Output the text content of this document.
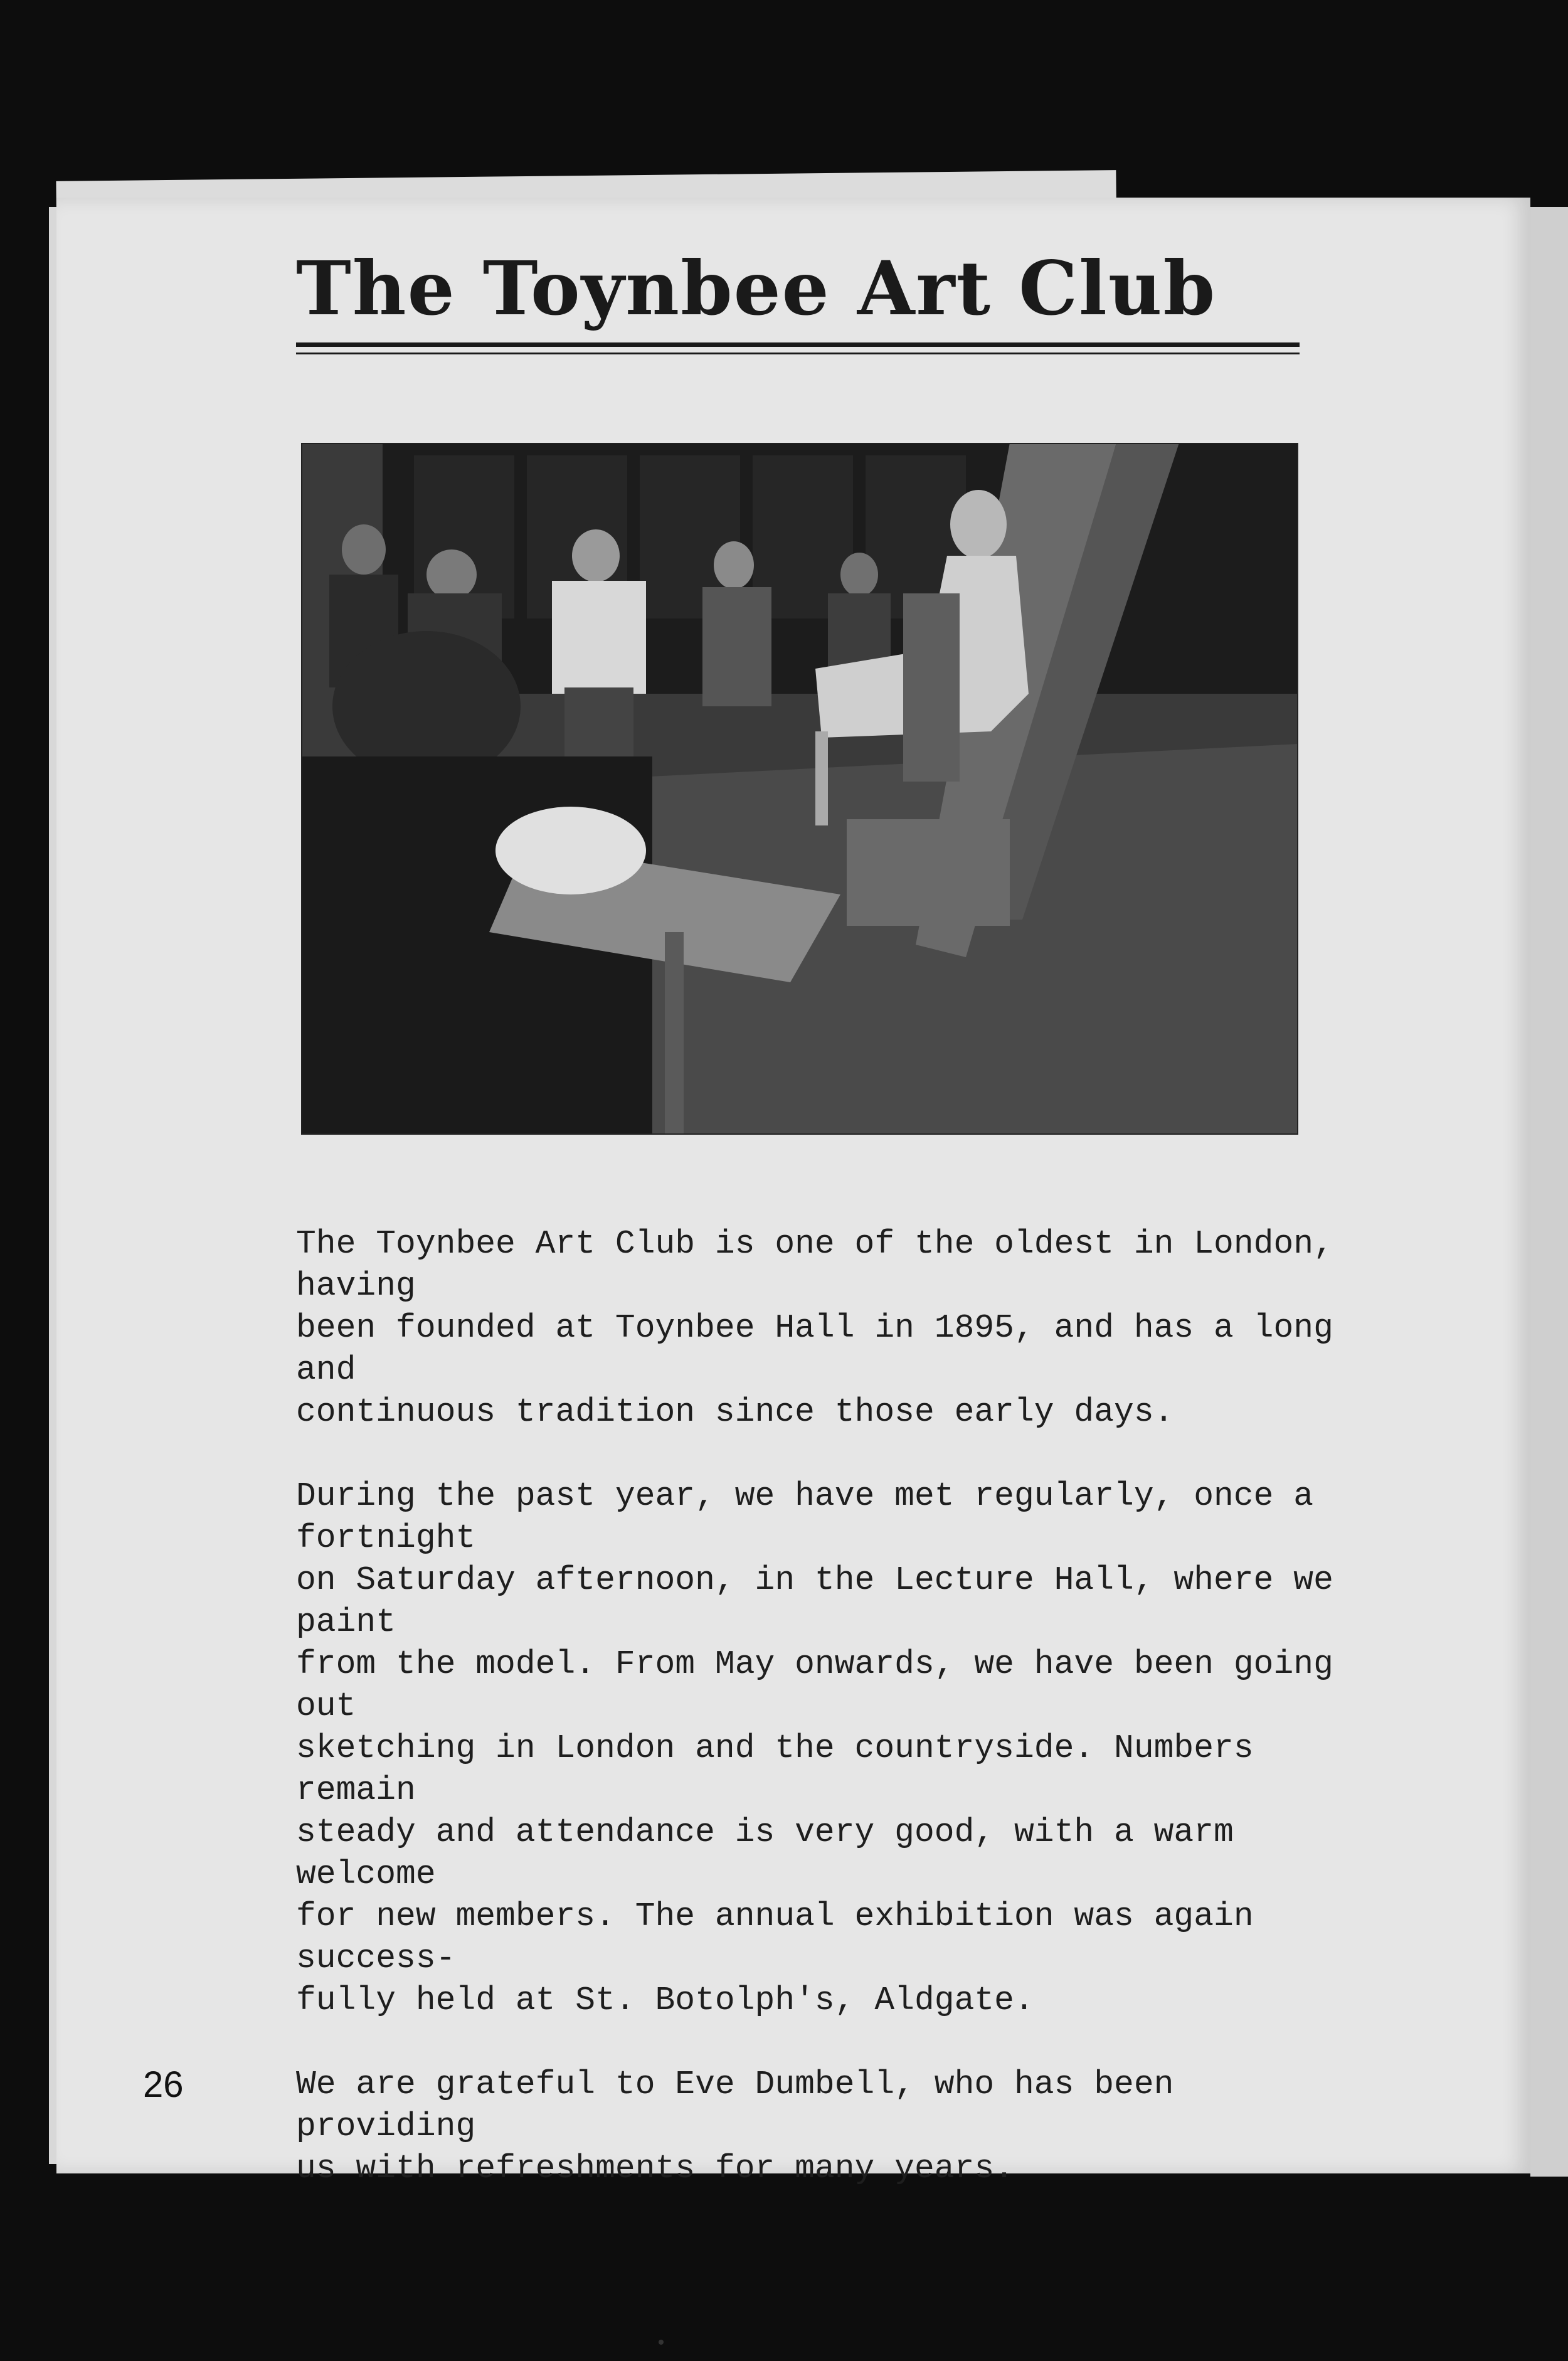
The Toynbee Art Club

The Toynbee Art Club is one of the oldest in London, having
been founded at Toynbee Hall in 1895, and has a long and
continuous tradition since those early days.

During the past year, we have met regularly, once a fortnight
on Saturday afternoon, in the Lecture Hall, where we paint
from the model. From May onwards, we have been going out
sketching in London and the countryside. Numbers remain
steady and attendance is very good, with a warm welcome
for new members. The annual exhibition was again success-
fully held at St. Botolph's, Aldgate.

We are grateful to Eve Dumbell, who has been providing
us with refreshments for many years.

26
